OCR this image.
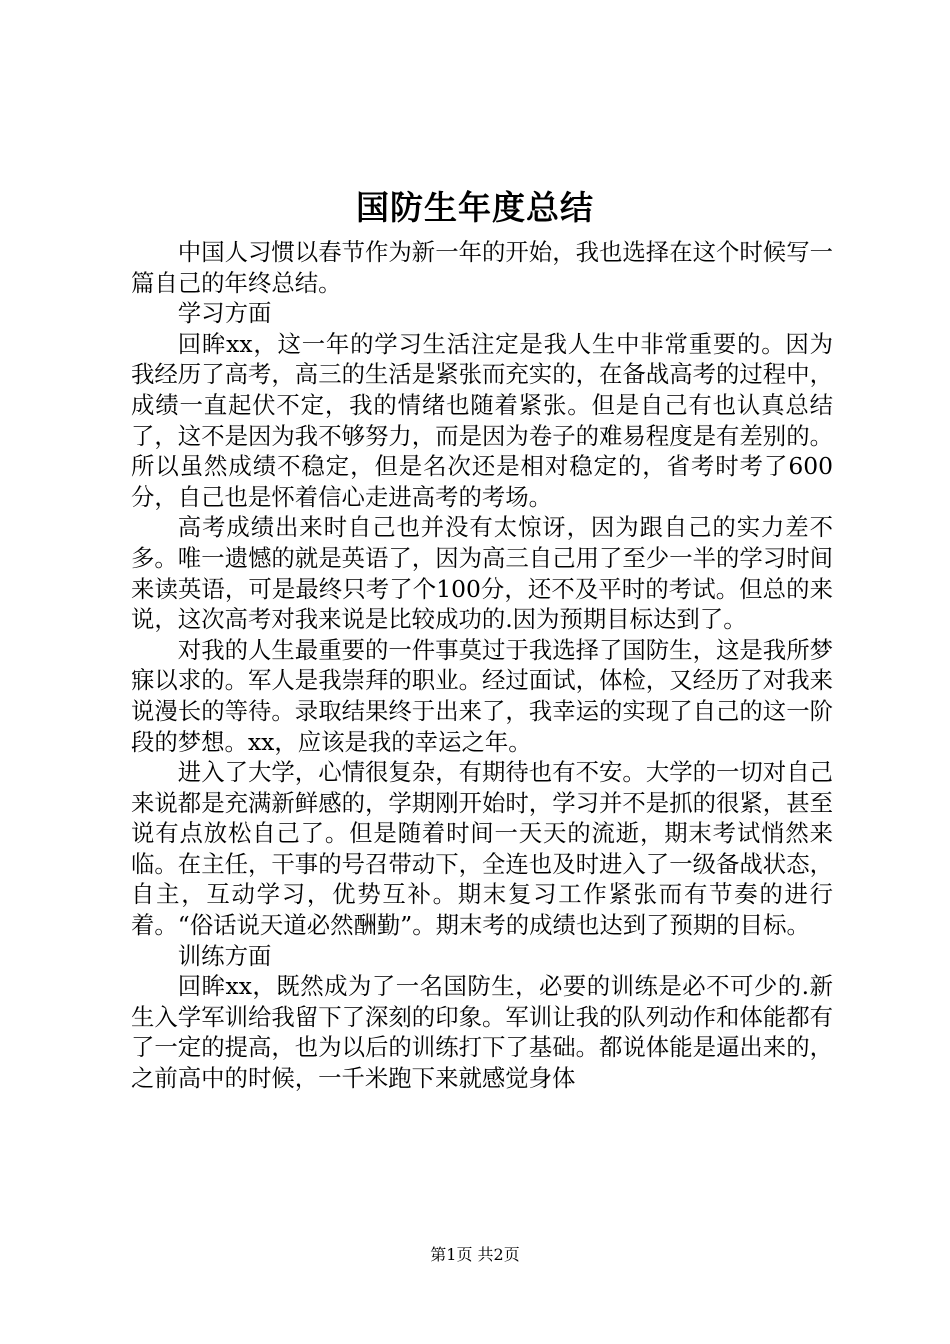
国防生年度总结

中国人习惯以春节作为新一年的开始，我也选择在这个时候写一篇自己的年终总结。

学习方面

回眸xx，这一年的学习生活注定是我人生中非常重要的。因为我经历了高考，高三的生活是紧张而充实的，在备战高考的过程中，成绩一直起伏不定，我的情绪也随着紧张。但是自己有也认真总结了，这不是因为我不够努力，而是因为卷子的难易程度是有差别的。所以虽然成绩不稳定，但是名次还是相对稳定的，省考时考了600分，自己也是怀着信心走进高考的考场。

高考成绩出来时自己也并没有太惊讶，因为跟自己的实力差不多。唯一遗憾的就是英语了，因为高三自己用了至少一半的学习时间来读英语，可是最终只考了个100分，还不及平时的考试。但总的来说，这次高考对我来说是比较成功的.因为预期目标达到了。

对我的人生最重要的一件事莫过于我选择了国防生，这是我所梦寐以求的。军人是我崇拜的职业。经过面试，体检，又经历了对我来说漫长的等待。录取结果终于出来了，我幸运的实现了自己的这一阶段的梦想。xx，应该是我的幸运之年。

进入了大学，心情很复杂，有期待也有不安。大学的一切对自己来说都是充满新鲜感的，学期刚开始时，学习并不是抓的很紧，甚至说有点放松自己了。但是随着时间一天天的流逝，期末考试悄然来临。在主任，干事的号召带动下，全连也及时进入了一级备战状态，自主，互动学习，优势互补。期末复习工作紧张而有节奏的进行着。“俗话说天道必然酬勤”。期末考的成绩也达到了预期的目标。

训练方面

回眸xx，既然成为了一名国防生，必要的训练是必不可少的.新生入学军训给我留下了深刻的印象。军训让我的队列动作和体能都有了一定的提高，也为以后的训练打下了基础。都说体能是逼出来的，之前高中的时候，一千米跑下来就感觉身体

第1页 共2页
